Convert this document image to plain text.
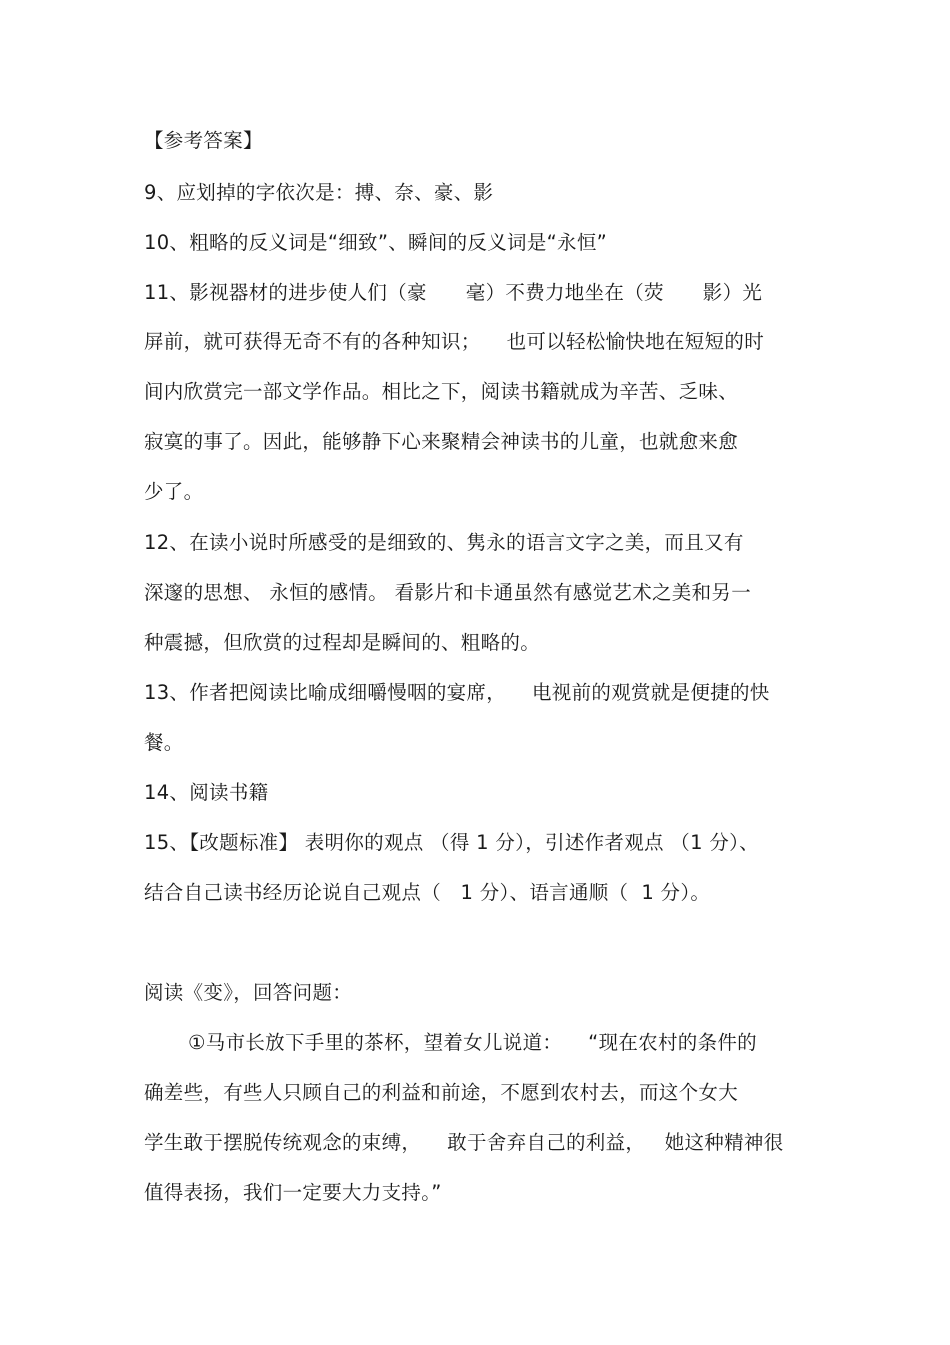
【参考答案】
9、应划掉的字依次是：搏、奈、豪、影
10、粗略的反义词是“细致”、瞬间的反义词是“永恒”
11、影视器材的进步使人们（豪      毫）不费力地坐在（荧      影）光
屏前，就可获得无奇不有的各种知识；    也可以轻松愉快地在短短的时
间内欣赏完一部文学作品。相比之下，阅读书籍就成为辛苦、乏味、
寂寞的事了。因此，能够静下心来聚精会神读书的儿童，也就愈来愈
少了。
12、在读小说时所感受的是细致的、隽永的语言文字之美，而且又有
深邃的思想、 永恒的感情。 看影片和卡通虽然有感觉艺术之美和另一
种震撼，但欣赏的过程却是瞬间的、粗略的。
13、作者把阅读比喻成细嚼慢咽的宴席，    电视前的观赏就是便捷的快
餐。
14、阅读书籍
15、【改题标准】 表明你的观点 （得 1 分），引述作者观点 （1 分）、
结合自己读书经历论说自己观点（   1 分）、语言通顺（  1 分）。
阅读《变》，回答问题：
①马市长放下手里的茶杯，望着女儿说道：    “现在农村的条件的
确差些，有些人只顾自己的利益和前途，不愿到农村去，而这个女大
学生敢于摆脱传统观念的束缚，    敢于舍弃自己的利益，   她这种精神很
值得表扬，我们一定要大力支持。”
